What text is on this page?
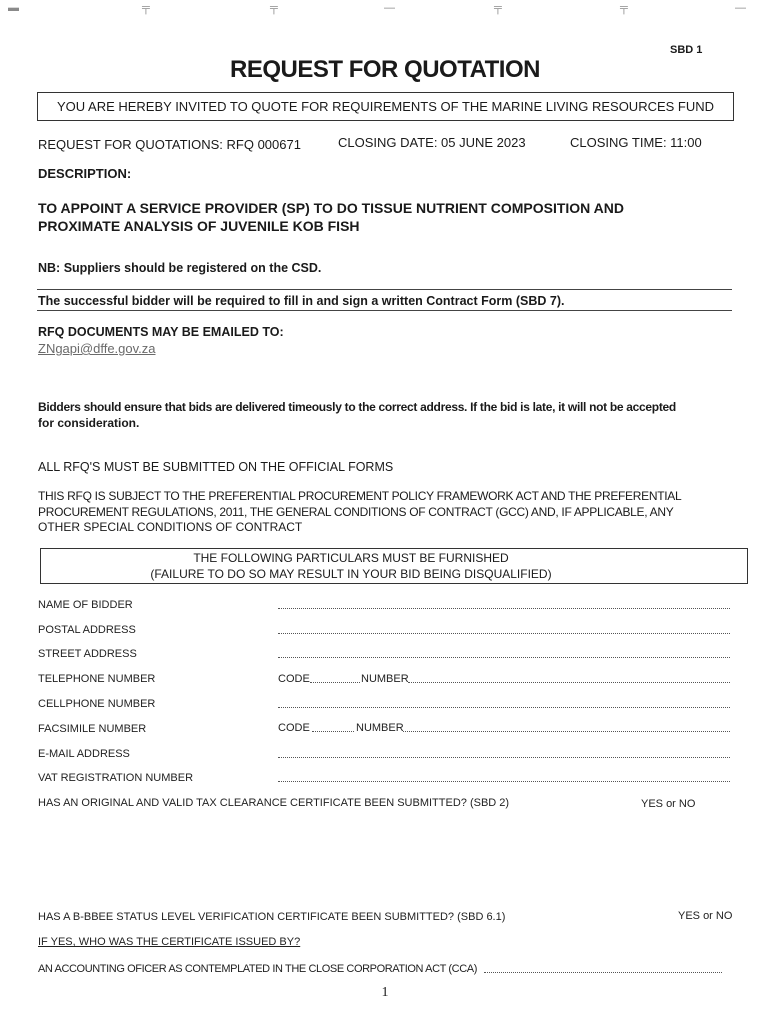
▬	╤	╤	—	╤	╤	—
SBD 1
REQUEST FOR QUOTATION
YOU ARE HEREBY INVITED TO QUOTE FOR REQUIREMENTS OF THE MARINE LIVING RESOURCES FUND
REQUEST FOR QUOTATIONS: RFQ 000671	CLOSING DATE: 05 JUNE 2023	CLOSING TIME: 11:00
DESCRIPTION:
TO APPOINT A SERVICE PROVIDER (SP) TO DO TISSUE NUTRIENT COMPOSITION AND
PROXIMATE ANALYSIS OF JUVENILE KOB FISH
NB: Suppliers should be registered on the CSD.
The successful bidder will be required to fill in and sign a written Contract Form (SBD 7).
RFQ DOCUMENTS MAY BE EMAILED TO:
ZNgapi@dffe.gov.za
Bidders should ensure that bids are delivered timeously to the correct address. If the bid is late, it will not be accepted
for consideration.
ALL RFQ'S MUST BE SUBMITTED ON THE OFFICIAL FORMS
THIS RFQ IS SUBJECT TO THE PREFERENTIAL PROCUREMENT POLICY FRAMEWORK ACT AND THE PREFERENTIAL
PROCUREMENT REGULATIONS, 2011, THE GENERAL CONDITIONS OF CONTRACT (GCC) AND, IF APPLICABLE, ANY
OTHER SPECIAL CONDITIONS OF CONTRACT
THE FOLLOWING PARTICULARS MUST BE FURNISHED
(FAILURE TO DO SO MAY RESULT IN YOUR BID BEING DISQUALIFIED)
NAME OF BIDDER
POSTAL ADDRESS
STREET ADDRESS
TELEPHONE NUMBER	CODE	NUMBER
CELLPHONE NUMBER
FACSIMILE NUMBER	CODE	NUMBER
E-MAIL ADDRESS
VAT REGISTRATION NUMBER
HAS AN ORIGINAL AND VALID TAX CLEARANCE CERTIFICATE BEEN SUBMITTED? (SBD 2)	YES or NO
HAS A B-BBEE STATUS LEVEL VERIFICATION CERTIFICATE BEEN SUBMITTED? (SBD 6.1)	YES or NO
IF YES, WHO WAS THE CERTIFICATE ISSUED BY?
AN ACCOUNTING OFICER AS CONTEMPLATED IN THE CLOSE CORPORATION ACT (CCA)
1
